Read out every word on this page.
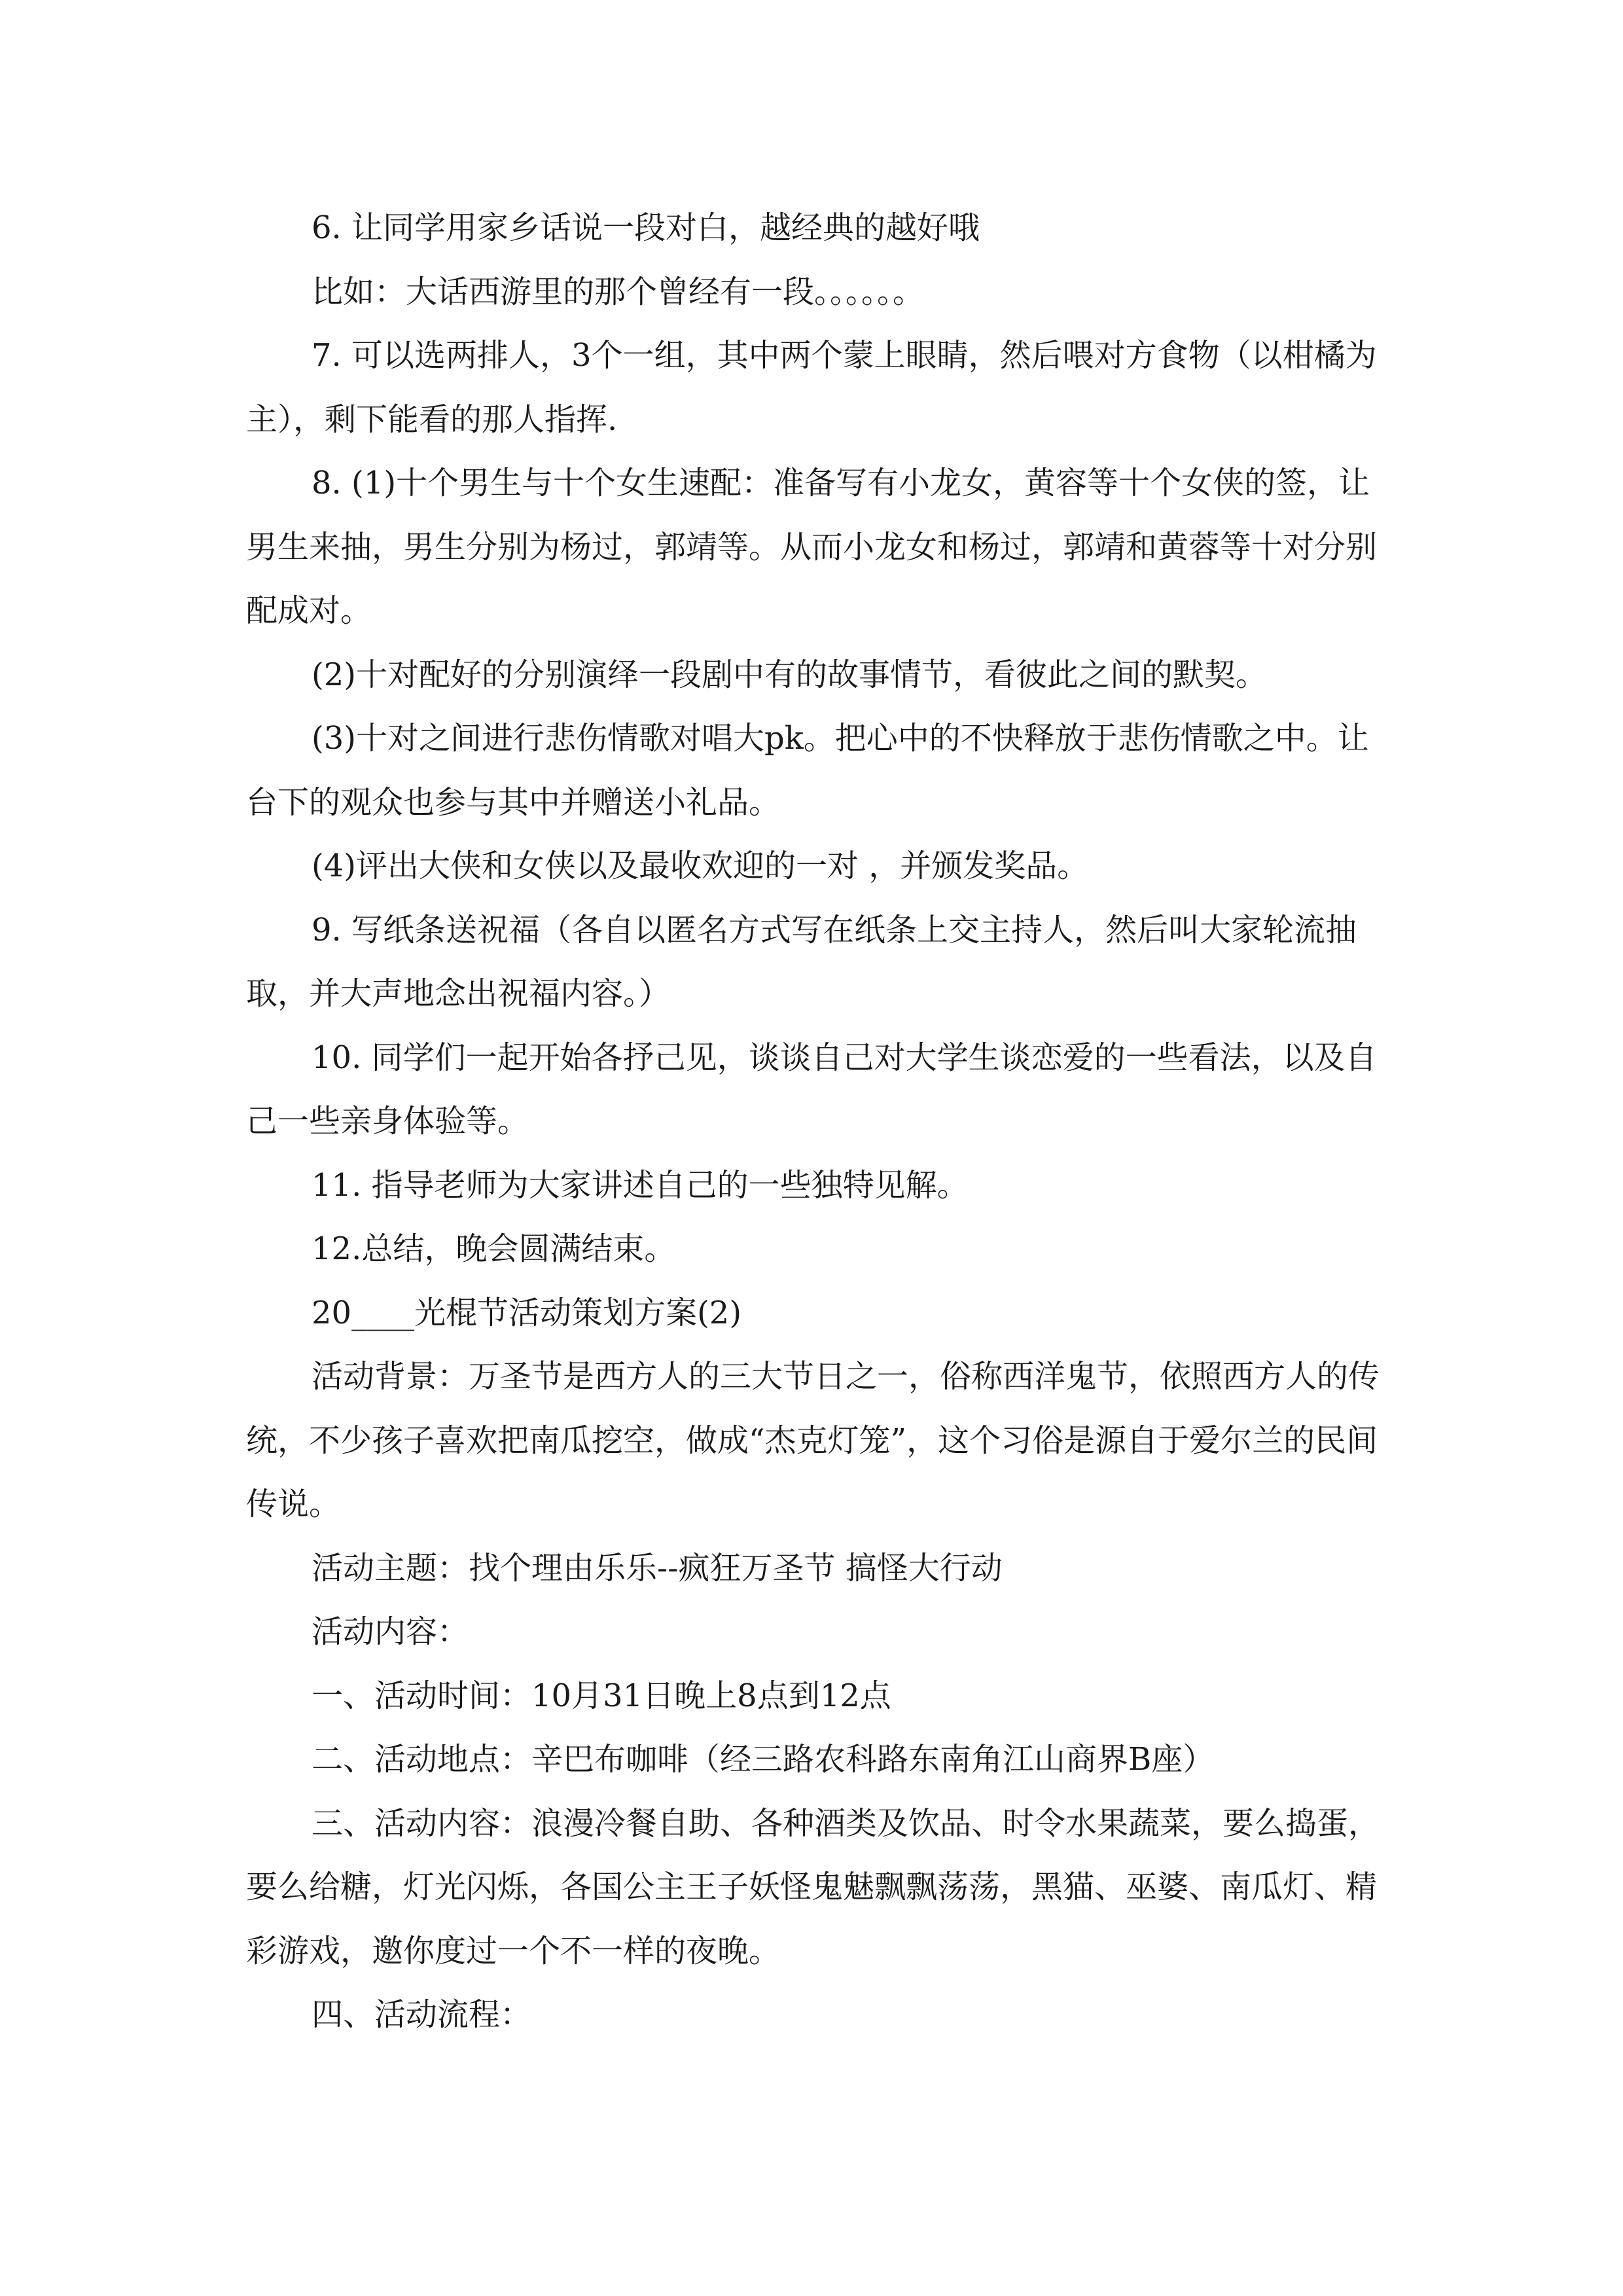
6. 让同学用家乡话说一段对白，越经典的越好哦

比如：大话西游里的那个曾经有一段。。。。。。

7. 可以选两排人，3个一组，其中两个蒙上眼睛，然后喂对方食物（以柑橘为主），剩下能看的那人指挥.

8. (1)十个男生与十个女生速配：准备写有小龙女，黄容等十个女侠的签，让男生来抽，男生分别为杨过，郭靖等。从而小龙女和杨过，郭靖和黄蓉等十对分别配成对。

(2)十对配好的分别演绎一段剧中有的故事情节，看彼此之间的默契。

(3)十对之间进行悲伤情歌对唱大pk。把心中的不快释放于悲伤情歌之中。让台下的观众也参与其中并赠送小礼品。

(4)评出大侠和女侠以及最收欢迎的一对 ，并颁发奖品。

9. 写纸条送祝福（各自以匿名方式写在纸条上交主持人，然后叫大家轮流抽取，并大声地念出祝福内容。）

10. 同学们一起开始各抒己见，谈谈自己对大学生谈恋爱的一些看法，以及自己一些亲身体验等。

11. 指导老师为大家讲述自己的一些独特见解。

12.总结，晚会圆满结束。

20____光棍节活动策划方案(2)

活动背景：万圣节是西方人的三大节日之一，俗称西洋鬼节，依照西方人的传统，不少孩子喜欢把南瓜挖空，做成“杰克灯笼”，这个习俗是源自于爱尔兰的民间传说。

活动主题：找个理由乐乐--疯狂万圣节 搞怪大行动

活动内容：

一、活动时间：10月31日晚上8点到12点

二、活动地点：辛巴布咖啡（经三路农科路东南角江山商界B座）

三、活动内容：浪漫冷餐自助、各种酒类及饮品、时令水果蔬菜，要么捣蛋，要么给糖，灯光闪烁，各国公主王子妖怪鬼魅飘飘荡荡，黑猫、巫婆、南瓜灯、精彩游戏，邀你度过一个不一样的夜晚。

四、活动流程：
